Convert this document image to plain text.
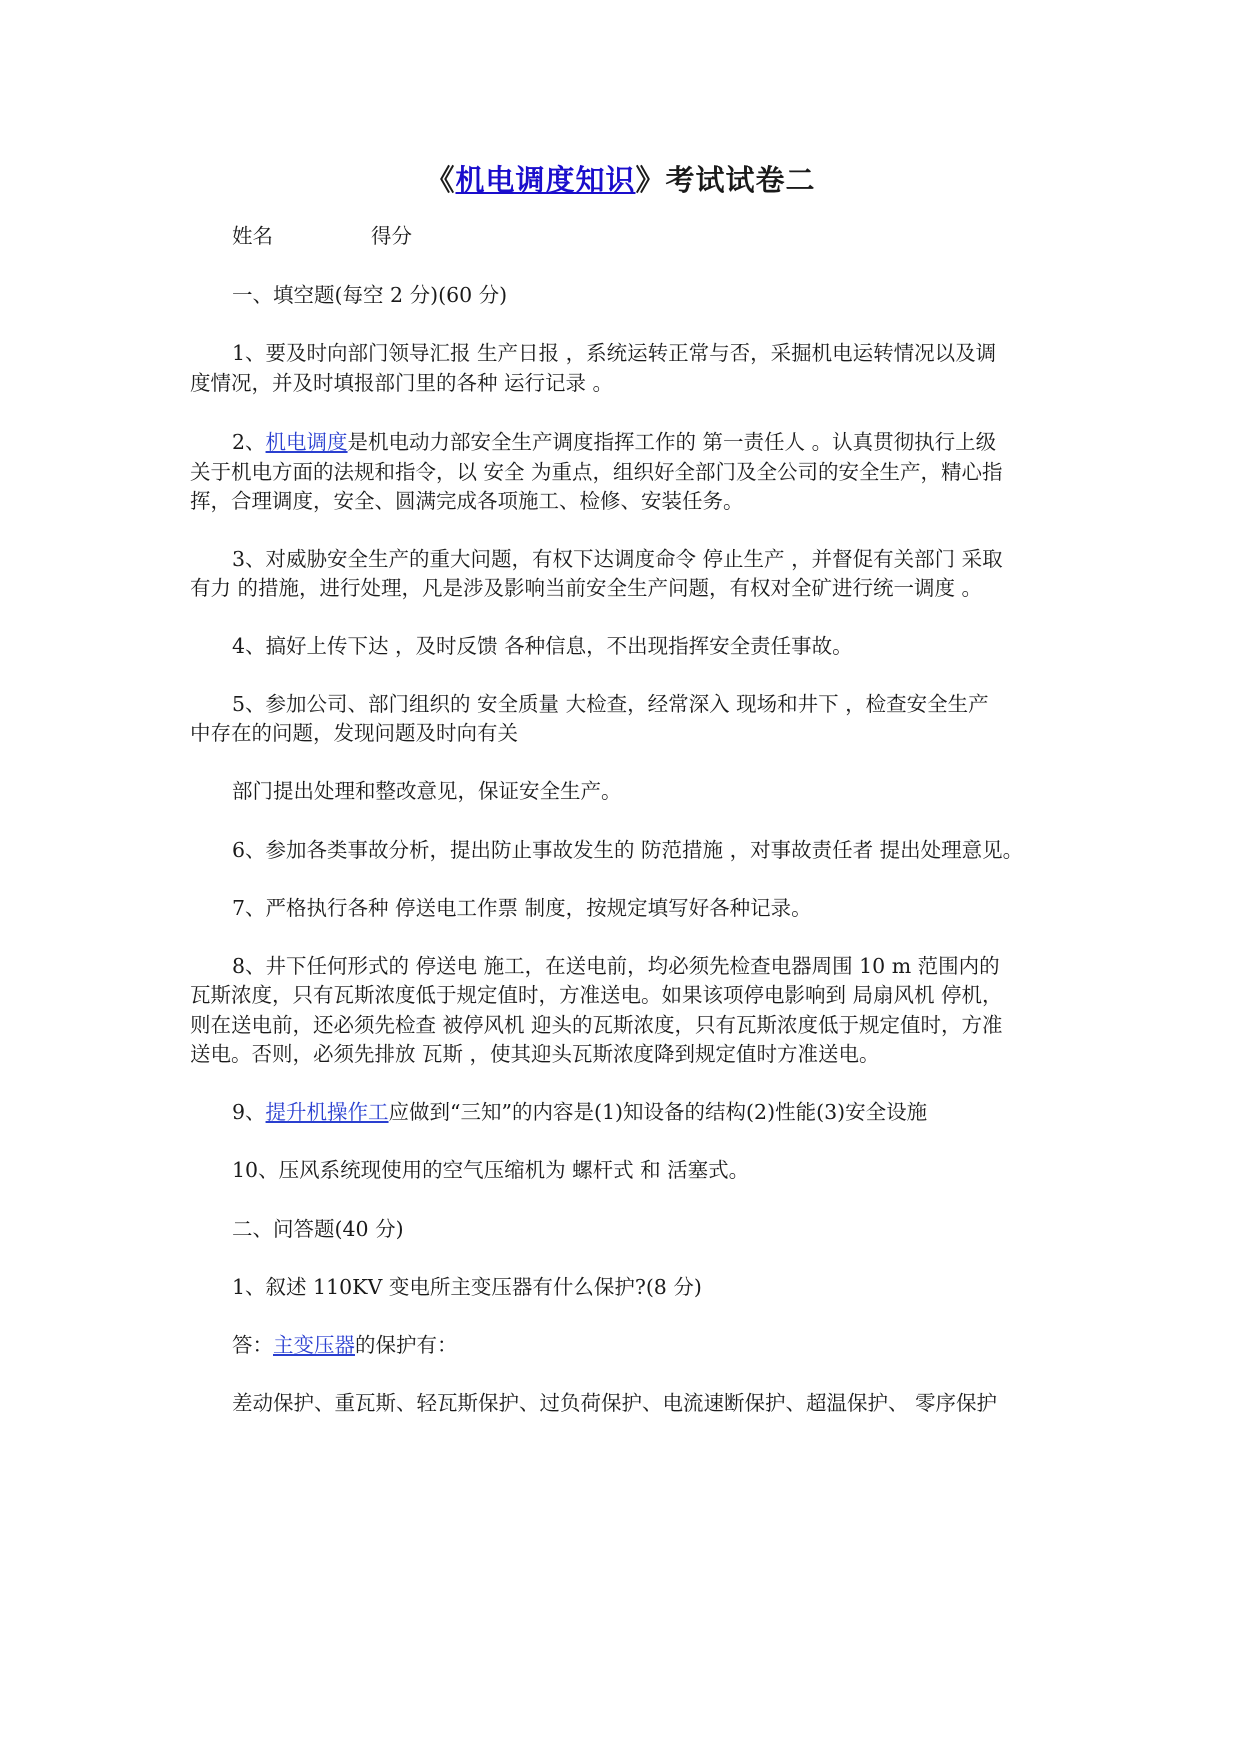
《机电调度知识》考试试卷二
姓名	得分
一、填空题(每空 2 分)(60 分)
1、要及时向部门领导汇报 生产日报 ，系统运转正常与否，采掘机电运转情况以及调
度情况，并及时填报部门里的各种 运行记录 。
2、机电调度是机电动力部安全生产调度指挥工作的 第一责任人 。认真贯彻执行上级
关于机电方面的法规和指令，以 安全 为重点，组织好全部门及全公司的安全生产，精心指
挥，合理调度，安全、圆满完成各项施工、检修、安装任务。
3、对威胁安全生产的重大问题，有权下达调度命令 停止生产 ，并督促有关部门 采取
有力 的措施，进行处理，凡是涉及影响当前安全生产问题，有权对全矿进行统一调度 。
4、搞好上传下达 ，及时反馈 各种信息，不出现指挥安全责任事故。
5、参加公司、部门组织的 安全质量 大检查，经常深入 现场和井下 ，检查安全生产
中存在的问题，发现问题及时向有关
部门提出处理和整改意见，保证安全生产。
6、参加各类事故分析，提出防止事故发生的 防范措施 ，对事故责任者 提出处理意见。
7、严格执行各种 停送电工作票 制度，按规定填写好各种记录。
8、井下任何形式的 停送电 施工，在送电前，均必须先检查电器周围 10 m 范围内的
瓦斯浓度，只有瓦斯浓度低于规定值时，方准送电。如果该项停电影响到 局扇风机 停机，
则在送电前，还必须先检查 被停风机 迎头的瓦斯浓度，只有瓦斯浓度低于规定值时，方准
送电。否则，必须先排放 瓦斯 ，使其迎头瓦斯浓度降到规定值时方准送电。
9、提升机操作工应做到“三知”的内容是(1)知设备的结构(2)性能(3)安全设施
10、压风系统现使用的空气压缩机为 螺杆式 和 活塞式。
二、问答题(40 分)
1、叙述 110KV 变电所主变压器有什么保护?(8 分)
答：主变压器的保护有：
差动保护、重瓦斯、轻瓦斯保护、过负荷保护、电流速断保护、超温保护、 零序保护
